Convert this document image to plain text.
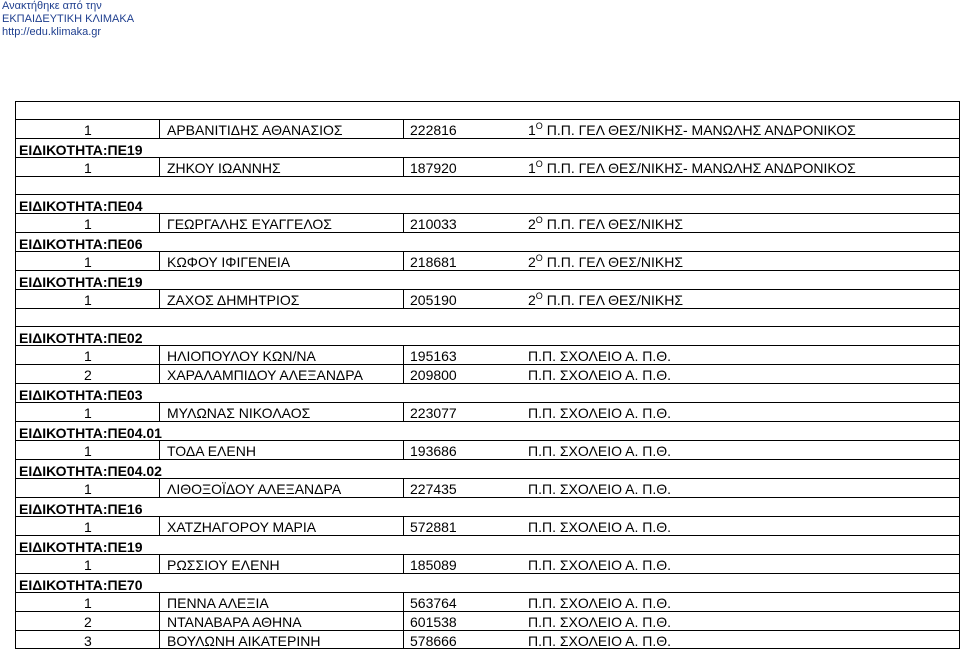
Ανακτήθηκε από την
ΕΚΠΑΙΔΕΥΤΙΚΗ ΚΛΙΜΑΚΑ
http://edu.klimaka.gr
1	ΑΡΒΑΝΙΤΙΔΗΣ ΑΘΑΝΑΣΙΟΣ	222816	$1^O$ Π.Π. ΓΕΛ ΘΕΣ/ΝΙΚΗΣ- ΜΑΝΩΛΗΣ ΑΝΔΡΟΝΙΚΟΣ
ΕΙΔΙΚΟΤΗΤΑ:ΠΕ19
1	ΖΗΚΟΥ ΙΩΑΝΝΗΣ	187920	$1^O$ Π.Π. ΓΕΛ ΘΕΣ/ΝΙΚΗΣ- ΜΑΝΩΛΗΣ ΑΝΔΡΟΝΙΚΟΣ
ΕΙΔΙΚΟΤΗΤΑ:ΠΕ04
1	ΓΕΩΡΓΑΛΗΣ ΕΥΑΓΓΕΛΟΣ	210033	$2^O$ Π.Π. ΓΕΛ ΘΕΣ/ΝΙΚΗΣ
ΕΙΔΙΚΟΤΗΤΑ:ΠΕ06
1	ΚΩΦΟΥ ΙΦΙΓΕΝΕΙΑ	218681	$2^O$ Π.Π. ΓΕΛ ΘΕΣ/ΝΙΚΗΣ
ΕΙΔΙΚΟΤΗΤΑ:ΠΕ19
1	ΖΑΧΟΣ ΔΗΜΗΤΡΙΟΣ	205190	$2^O$ Π.Π. ΓΕΛ ΘΕΣ/ΝΙΚΗΣ
ΕΙΔΙΚΟΤΗΤΑ:ΠΕ02
1	ΗΛΙΟΠΟΥΛΟΥ ΚΩΝ/ΝΑ	195163	Π.Π. ΣΧΟΛΕΙΟ Α. Π.Θ.
2	ΧΑΡΑΛΑΜΠΙΔΟΥ ΑΛΕΞΑΝΔΡΑ	209800	Π.Π. ΣΧΟΛΕΙΟ Α. Π.Θ.
ΕΙΔΙΚΟΤΗΤΑ:ΠΕ03
1	ΜΥΛΩΝΑΣ ΝΙΚΟΛΑΟΣ	223077	Π.Π. ΣΧΟΛΕΙΟ Α. Π.Θ.
ΕΙΔΙΚΟΤΗΤΑ:ΠΕ04.01
1	ΤΟΔΑ ΕΛΕΝΗ	193686	Π.Π. ΣΧΟΛΕΙΟ Α. Π.Θ.
ΕΙΔΙΚΟΤΗΤΑ:ΠΕ04.02
1	ΛΙΘΟΞΟΪΔΟΥ ΑΛΕΞΑΝΔΡΑ	227435	Π.Π. ΣΧΟΛΕΙΟ Α. Π.Θ.
ΕΙΔΙΚΟΤΗΤΑ:ΠΕ16
1	ΧΑΤΖΗΑΓΟΡΟΥ ΜΑΡΙΑ	572881	Π.Π. ΣΧΟΛΕΙΟ Α. Π.Θ.
ΕΙΔΙΚΟΤΗΤΑ:ΠΕ19
1	ΡΩΣΣΙΟΥ ΕΛΕΝΗ	185089	Π.Π. ΣΧΟΛΕΙΟ Α. Π.Θ.
ΕΙΔΙΚΟΤΗΤΑ:ΠΕ70
1	ΠΕΝΝΑ ΑΛΕΞΙΑ	563764	Π.Π. ΣΧΟΛΕΙΟ Α. Π.Θ.
2	ΝΤΑΝΑΒΑΡΑ ΑΘΗΝΑ	601538	Π.Π. ΣΧΟΛΕΙΟ Α. Π.Θ.
3	ΒΟΥΛΩΝΗ ΑΙΚΑΤΕΡΙΝΗ	578666	Π.Π. ΣΧΟΛΕΙΟ Α. Π.Θ.
